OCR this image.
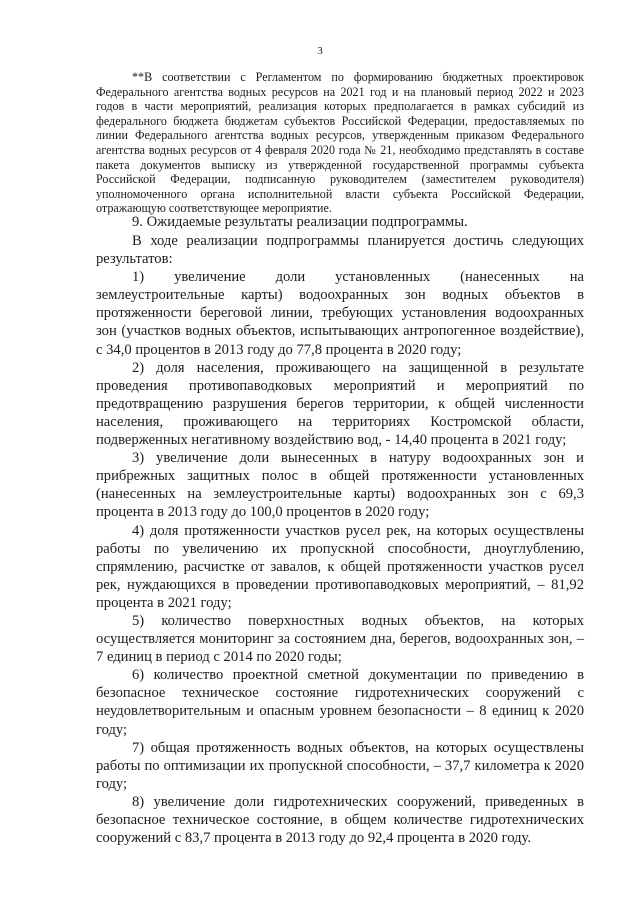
3
**В соответствии с Регламентом по формированию бюджетных проектировок Федерального агентства водных ресурсов на 2021 год и на плановый период 2022 и 2023 годов в части мероприятий, реализация которых предполагается в рамках субсидий из федерального бюджета бюджетам субъектов Российской Федерации, предоставляемых по линии Федерального агентства водных ресурсов, утвержденным приказом Федерального агентства водных ресурсов от 4 февраля 2020 года № 21, необходимо представлять в составе пакета документов выписку из утвержденной государственной программы субъекта Российской Федерации, подписанную руководителем (заместителем руководителя) уполномоченного органа исполнительной власти субъекта Российской Федерации, отражающую соответствующее мероприятие.
9. Ожидаемые результаты реализации подпрограммы.

В ходе реализации подпрограммы планируется достичь следующих результатов:

1) увеличение доли установленных (нанесенных на землеустроительные карты) водоохранных зон водных объектов в протяженности береговой линии, требующих установления водоохранных зон (участков водных объектов, испытывающих антропогенное воздействие), с 34,0 процентов в 2013 году до 77,8 процента в 2020 году;

2) доля населения, проживающего на защищенной в результате проведения противопаводковых мероприятий и мероприятий по предотвращению разрушения берегов территории, к общей численности населения, проживающего на территориях Костромской области, подверженных негативному воздействию вод, - 14,40 процента в 2021 году;

3) увеличение доли вынесенных в натуру водоохранных зон и прибрежных защитных полос в общей протяженности установленных (нанесенных на землеустроительные карты) водоохранных зон с 69,3 процента в 2013 году до 100,0 процентов в 2020 году;

4) доля протяженности участков русел рек, на которых осуществлены работы по увеличению их пропускной способности, дноуглублению, спрямлению, расчистке от завалов, к общей протяженности участков русел рек, нуждающихся в проведении противопаводковых мероприятий, – 81,92 процента в 2021 году;

5) количество поверхностных водных объектов, на которых осуществляется мониторинг за состоянием дна, берегов, водоохранных зон, – 7 единиц в период с 2014 по 2020 годы;

6) количество проектной сметной документации по приведению в безопасное техническое состояние гидротехнических сооружений с неудовлетворительным и опасным уровнем безопасности – 8 единиц к 2020 году;

7) общая протяженность водных объектов, на которых осуществлены работы по оптимизации их пропускной способности, – 37,7 километра к 2020 году;

8) увеличение доли гидротехнических сооружений, приведенных в безопасное техническое состояние, в общем количестве гидротехнических сооружений с 83,7 процента в 2013 году до 92,4 процента в 2020 году.
